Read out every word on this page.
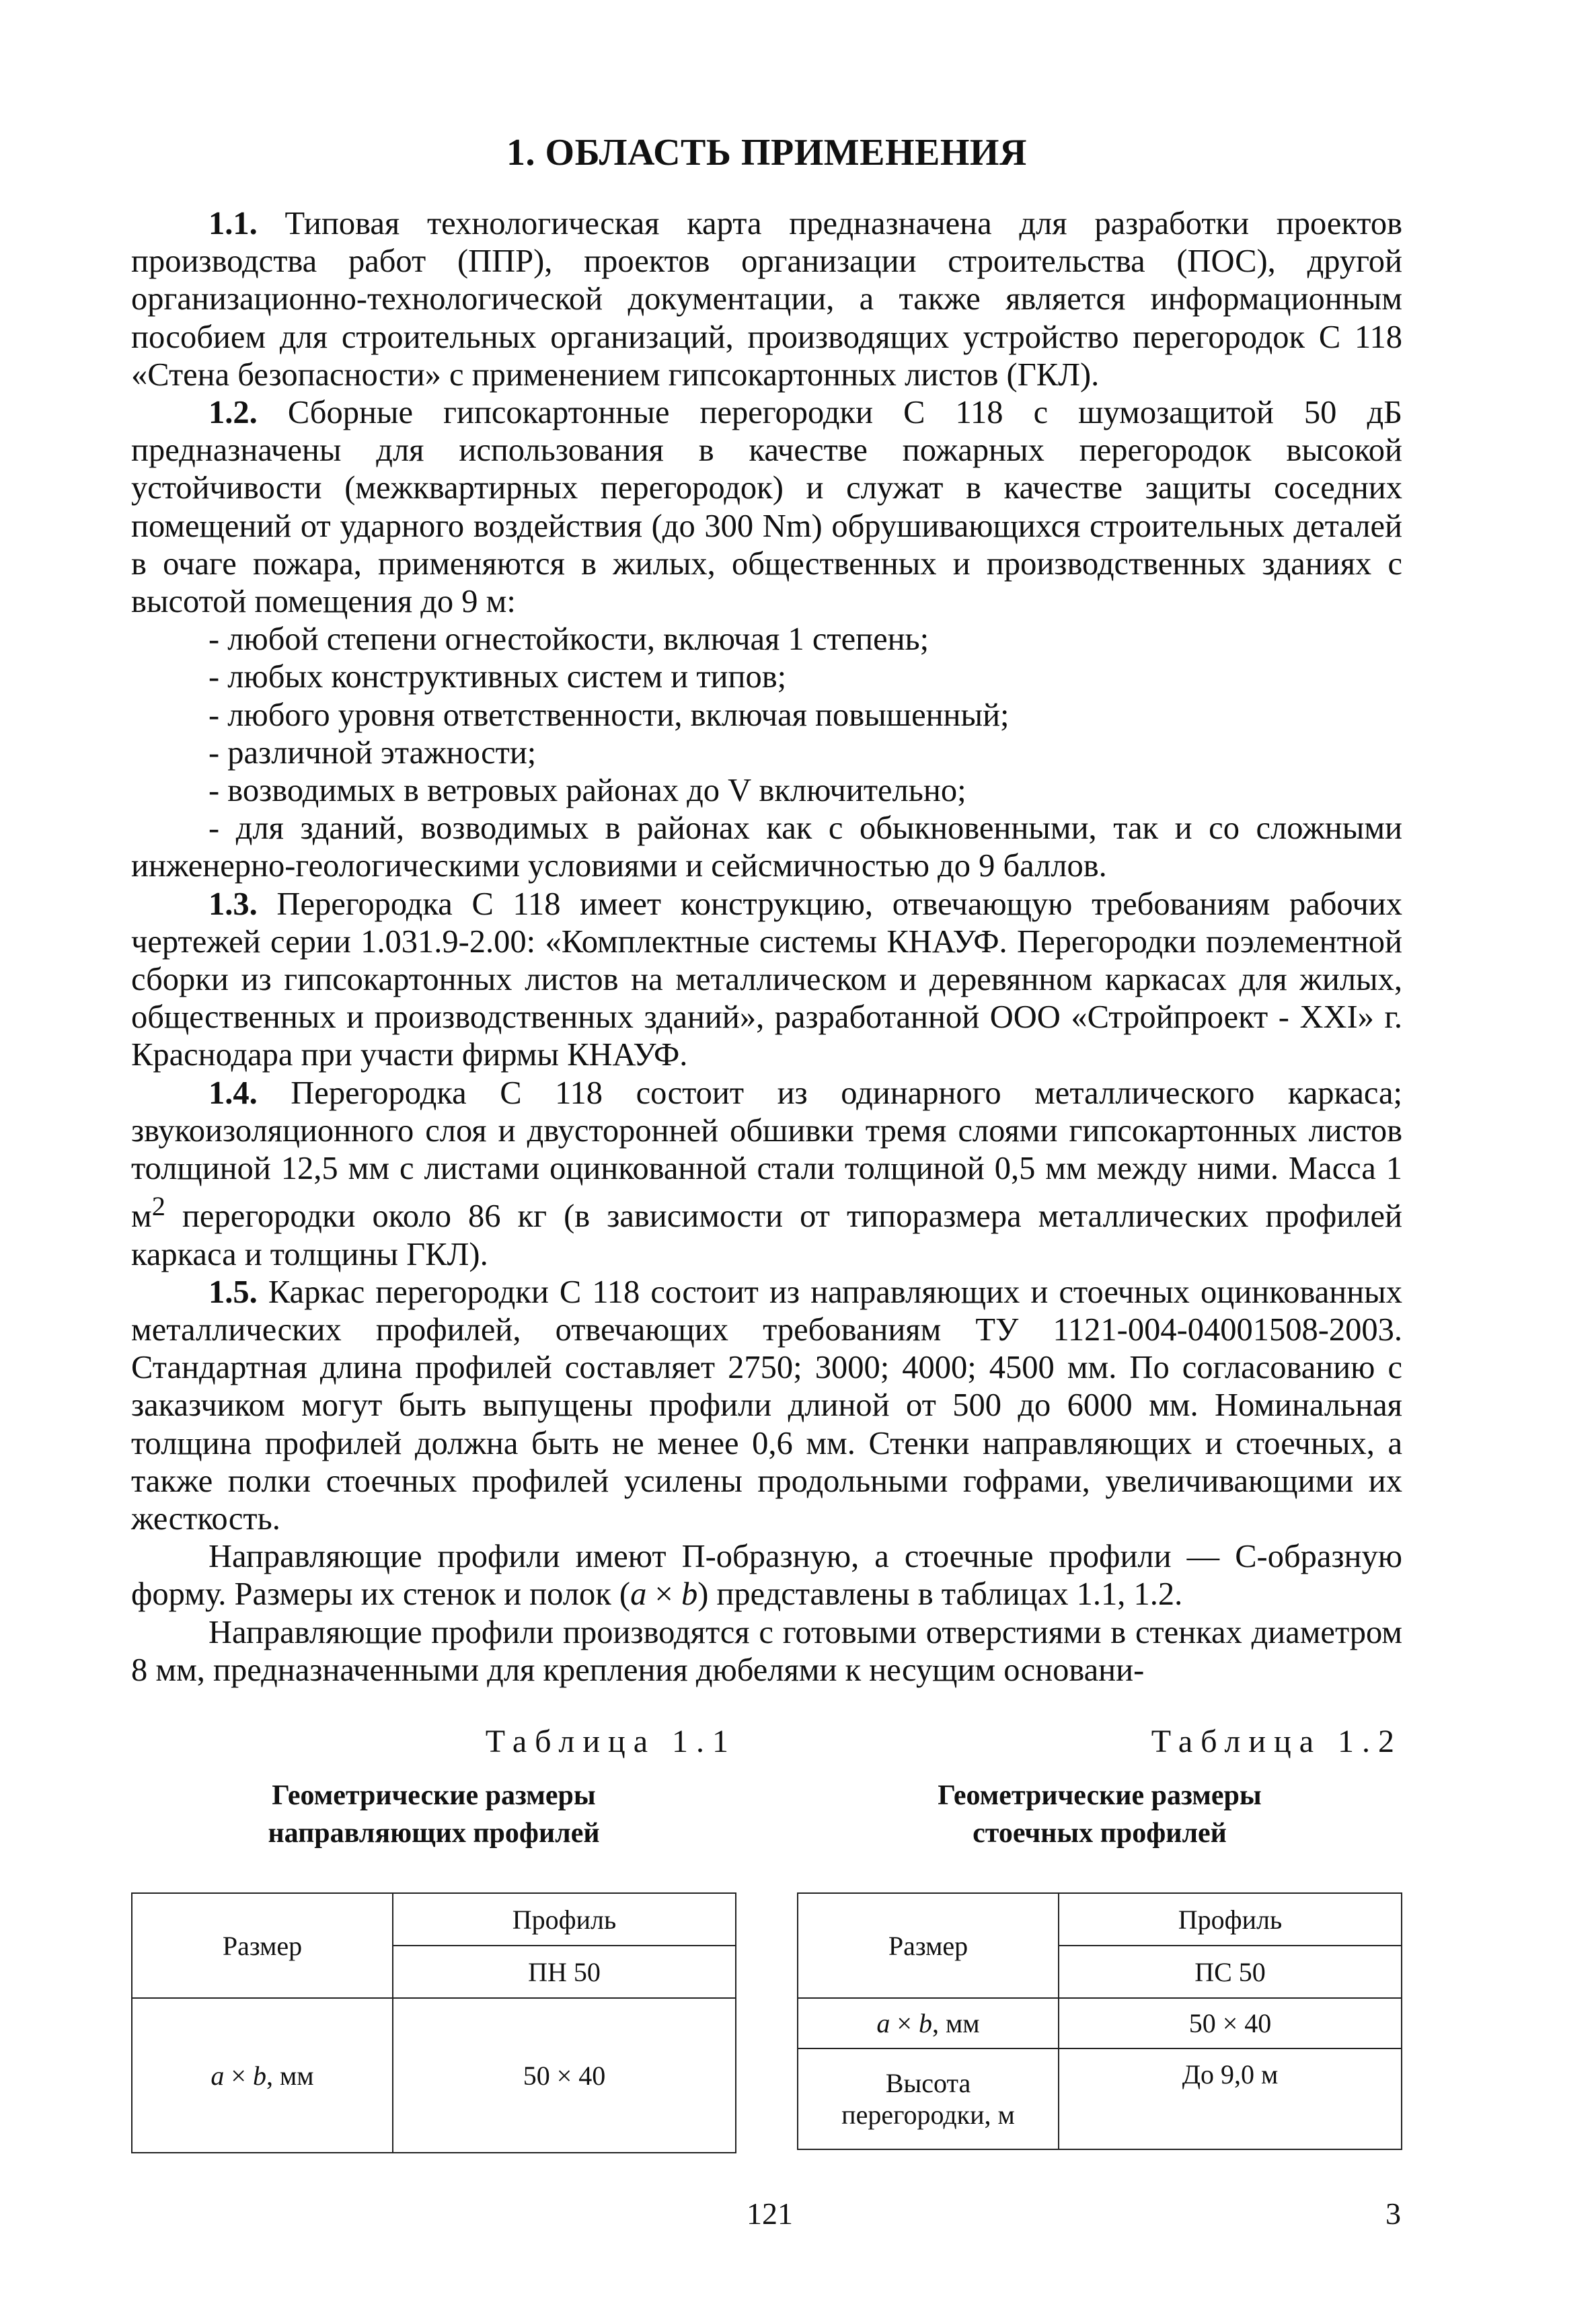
1. ОБЛАСТЬ ПРИМЕНЕНИЯ

1.1. Типовая технологическая карта предназначена для разработки проектов производства работ (ППР), проектов организации строительства (ПОС), другой организационно-технологической документации, а также является информационным пособием для строительных организаций, производящих устройство перегородок С 118 «Стена безопасности» с применением гипсокартонных листов (ГКЛ).

1.2. Сборные гипсокартонные перегородки С 118 с шумозащитой 50 дБ предназначены для использования в качестве пожарных перегородок высокой устойчивости (межквартирных перегородок) и служат в качестве защиты соседних помещений от ударного воздействия (до 300 Nm) обрушивающихся строительных деталей в очаге пожара, применяются в жилых, общественных и производственных зданиях с высотой помещения до 9 м:

- любой степени огнестойкости, включая 1 степень;

- любых конструктивных систем и типов;

- любого уровня ответственности, включая повышенный;

- различной этажности;

- возводимых в ветровых районах до V включительно;

- для зданий, возводимых в районах как с обыкновенными, так и со сложными инженерно-геологическими условиями и сейсмичностью до 9 баллов.

1.3. Перегородка С 118 имеет конструкцию, отвечающую требованиям рабочих чертежей серии 1.031.9-2.00: «Комплектные системы КНАУФ. Перегородки поэлементной сборки из гипсокартонных листов на металлическом и деревянном каркасах для жилых, общественных и производственных зданий», разработанной ООО «Стройпроект - XXI» г. Краснодара при участи фирмы КНАУФ.

1.4. Перегородка С 118 состоит из одинарного металлического каркаса; звукоизоляционного слоя и двусторонней обшивки тремя слоями гипсокартонных листов толщиной 12,5 мм с листами оцинкованной стали толщиной 0,5 мм между ними. Масса 1 $м^2$ перегородки около 86 кг (в зависимости от типоразмера металлических профилей каркаса и толщины ГКЛ).

1.5. Каркас перегородки С 118 состоит из направляющих и стоечных оцинкованных металлических профилей, отвечающих требованиям ТУ 1121-004-04001508-2003. Стандартная длина профилей составляет 2750; 3000; 4000; 4500 мм. По согласованию с заказчиком могут быть выпущены профили длиной от 500 до 6000 мм. Номинальная толщина профилей должна быть не менее 0,6 мм. Стенки направляющих и стоечных, а также полки стоечных профилей усилены продольными гофрами, увеличивающими их жесткость.

Направляющие профили имеют П-образную, а стоечные профили — С-образную форму. Размеры их стенок и полок (a × b) представлены в таблицах 1.1, 1.2.

Направляющие профили производятся с готовыми отверстиями в стенках диаметром 8 мм, предназначенными для крепления дюбелями к несущим основани-

Таблица 1.1
Геометрические размеры
направляющих профилей
Размер	Профиль
	ПН 50
a × b, мм	50 × 40
Таблица 1.2
Геометрические размеры
стоечных профилей
Размер	Профиль
	ПС 50
a × b, мм	50 × 40

Высота
перегородки, м	До 9,0 м
121	3
